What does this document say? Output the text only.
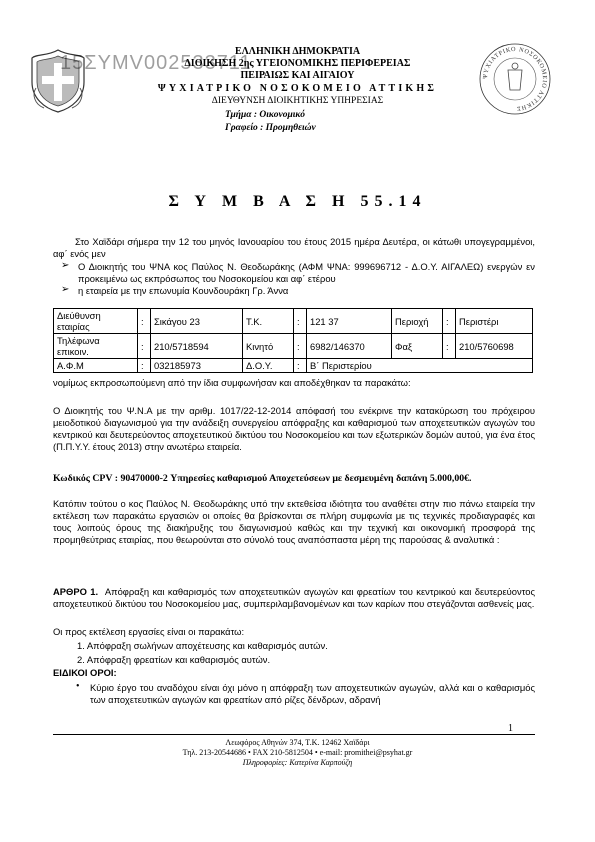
ΨΥΧΙΑΤΡΙΚΟ ΝΟΣΟΚΟΜΕΙΟ ΑΤΤΙΚΗΣ
15ΣΥΜV002533711
ΕΛΛΗΝΙΚΗ ΔΗΜΟΚΡΑΤΙΑ
ΔΙΟΙΚΗΣΗ 2ης ΥΓΕΙΟΝΟΜΙΚΗΣ ΠΕΡΙΦΕΡΕΙΑΣ
ΠΕΙΡΑΙΩΣ ΚΑΙ ΑΙΓΑΙΟΥ
ΨΥΧΙΑΤΡΙΚΟ ΝΟΣΟΚΟΜΕΙΟ ΑΤΤΙΚΗΣ
ΔΙΕΥΘΥΝΣΗ ΔΙΟΙΚΗΤΙΚΗΣ ΥΠΗΡΕΣΙΑΣ
Τμήμα : Οικονομικό
Γραφείο : Προμηθειών
Σ Υ Μ Β Α Σ Η 55.14
Στο Χαϊδάρι σήμερα την 12 του μηνός Ιανουαρίου του έτους 2015 ημέρα Δευτέρα, οι κάτωθι υπογεγραμμένοι, αφ΄ ενός μεν
➢ Ο Διοικητής του ΨΝΑ κος Παύλος Ν. Θεοδωράκης (ΑΦΜ ΨΝΑ: 999696712 - Δ.Ο.Υ. ΑΙΓΑΛΕΩ) ενεργών εν προκειμένω ως εκπρόσωπος του Νοσοκομείου και αφ΄ ετέρου
➢ η εταιρεία με την επωνυμία Κουνδουράκη Γρ. Άννα
Διεύθυνση εταιρίας	:	Σικάγου 23	Τ.Κ.	:	121 37	Περιοχή	:	Περιστέρι
Τηλέφωνα επικοιν.	:	210/5718594	Κινητό	:	6982/146370	Φαξ	:	210/5760698
Α.Φ.Μ	:	032185973	Δ.Ο.Υ.	:	Β΄ Περιστερίου			
νομίμως εκπροσωπούμενη από την ίδια συμφωνήσαν και αποδέχθηκαν τα παρακάτω:
Ο Διοικητής του Ψ.Ν.Α με την αριθμ. 1017/22-12-2014 απόφασή του ενέκρινε την κατακύρωση του πρόχειρου μειοδοτικού διαγωνισμού για την ανάδειξη συνεργείου απόφραξης και καθαρισμού των αποχετευτικών αγωγών του κεντρικού και δευτερεύοντος αποχετευτικού δικτύου του Νοσοκομείου και των εξωτερικών δομών αυτού, για ένα έτος (Π.Π.Υ.Υ. έτους 2013) στην ανωτέρω εταιρεία.
Κωδικός CPV : 90470000-2 Υπηρεσίες καθαρισμού Αποχετεύσεων με δεσμευμένη δαπάνη 5.000,00€.
Κατόπιν τούτου ο κος Παύλος Ν. Θεοδωράκης υπό την εκτεθείσα ιδιότητα του αναθέτει στην πιο πάνω εταιρεία την εκτέλεση των παρακάτω εργασιών οι οποίες θα βρίσκονται σε πλήρη συμφωνία με τις τεχνικές προδιαγραφές και τους λοιπούς όρους της διακήρυξης του διαγωνισμού καθώς και την τεχνική και οικονομική προσφορά της προμηθεύτριας εταιρίας, που θεωρούνται στο σύνολό τους αναπόσπαστα μέρη της παρούσας & αναλυτικά :
ΑΡΘΡΟ 1. Απόφραξη και καθαρισμός των αποχετευτικών αγωγών και φρεατίων του κεντρικού και δευτερεύοντος αποχετευτικού δικτύου του Νοσοκομείου μας, συμπεριλαμβανομένων και των καρίων που στεγάζονται ασθενείς μας.
Οι προς εκτέλεση εργασίες είναι οι παρακάτω:
1. Απόφραξη σωλήνων αποχέτευσης και καθαρισμός αυτών.
2. Απόφραξη φρεατίων και καθαρισμός αυτών.
ΕΙΔΙΚΟΙ ΟΡΟΙ:
• Κύριο έργο του αναδόχου είναι όχι μόνο η απόφραξη των αποχετευτικών αγωγών, αλλά και ο καθαρισμός των αποχετευτικών αγωγών και φρεατίων από ρίζες δένδρων, αδρανή
1
Λεωφόρος Αθηνών 374, Τ.Κ. 12462 Χαϊδάρι
Τηλ. 213-20544686 • FAX 210-5812504 • e-mail: promithei@psyhat.gr
Πληροφορίες: Κατερίνα Καρπούζη
